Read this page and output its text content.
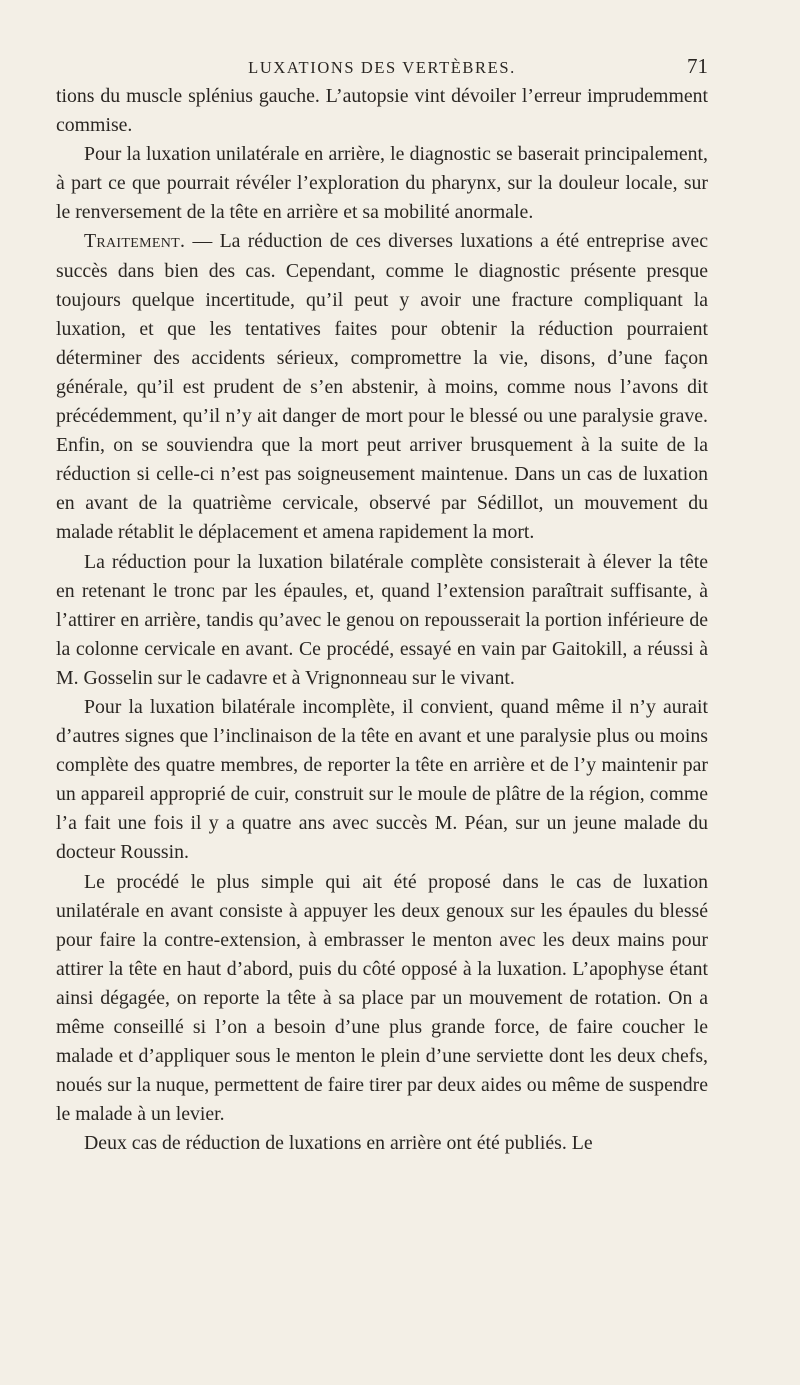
LUXATIONS DES VERTÈBRES.	71

tions du muscle splénius gauche. L’autopsie vint dévoiler l’erreur imprudemment commise.

Pour la luxation unilatérale en arrière, le diagnostic se baserait principalement, à part ce que pourrait révéler l’exploration du pharynx, sur la douleur locale, sur le renversement de la tête en arrière et sa mobilité anormale.

Traitement. — La réduction de ces diverses luxations a été entreprise avec succès dans bien des cas. Cependant, comme le diagnostic présente presque toujours quelque incertitude, qu’il peut y avoir une fracture compliquant la luxation, et que les tentatives faites pour obtenir la réduction pourraient déterminer des accidents sérieux, compromettre la vie, disons, d’une façon générale, qu’il est prudent de s’en abstenir, à moins, comme nous l’avons dit précédemment, qu’il n’y ait danger de mort pour le blessé ou une paralysie grave. Enfin, on se souviendra que la mort peut arriver brusquement à la suite de la réduction si celle-ci n’est pas soigneusement maintenue. Dans un cas de luxation en avant de la quatrième cervicale, observé par Sédillot, un mouvement du malade rétablit le déplacement et amena rapidement la mort.

La réduction pour la luxation bilatérale complète consisterait à élever la tête en retenant le tronc par les épaules, et, quand l’extension paraîtrait suffisante, à l’attirer en arrière, tandis qu’avec le genou on repousserait la portion inférieure de la colonne cervicale en avant. Ce procédé, essayé en vain par Gaitokill, a réussi à M. Gosselin sur le cadavre et à Vrignonneau sur le vivant.

Pour la luxation bilatérale incomplète, il convient, quand même il n’y aurait d’autres signes que l’inclinaison de la tête en avant et une paralysie plus ou moins complète des quatre membres, de reporter la tête en arrière et de l’y maintenir par un appareil approprié de cuir, construit sur le moule de plâtre de la région, comme l’a fait une fois il y a quatre ans avec succès M. Péan, sur un jeune malade du docteur Roussin.

Le procédé le plus simple qui ait été proposé dans le cas de luxation unilatérale en avant consiste à appuyer les deux genoux sur les épaules du blessé pour faire la contre-extension, à embrasser le menton avec les deux mains pour attirer la tête en haut d’abord, puis du côté opposé à la luxation. L’apophyse étant ainsi dégagée, on reporte la tête à sa place par un mouvement de rotation. On a même conseillé si l’on a besoin d’une plus grande force, de faire coucher le malade et d’appliquer sous le menton le plein d’une serviette dont les deux chefs, noués sur la nuque, permettent de faire tirer par deux aides ou même de suspendre le malade à un levier.

Deux cas de réduction de luxations en arrière ont été publiés. Le
